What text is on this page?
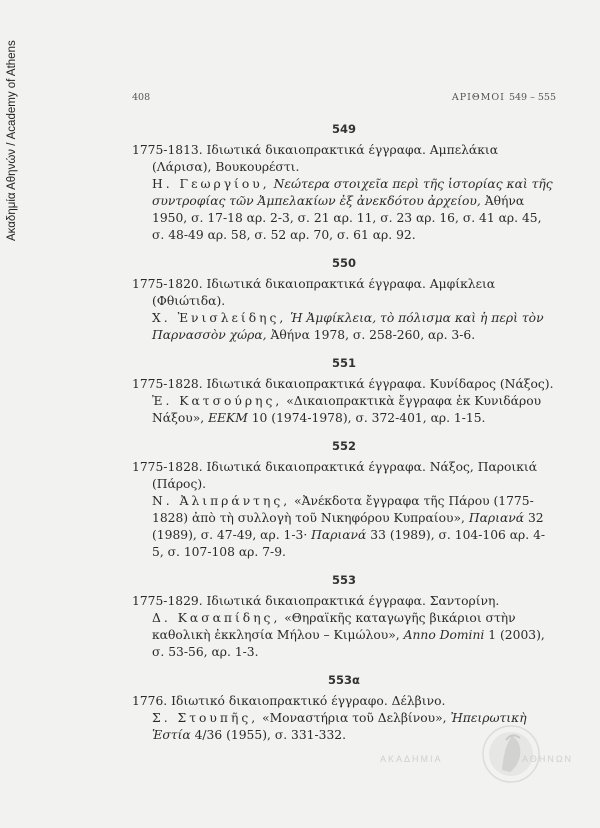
Ακαδημία Αθηνών / Academy of Athens	408	ΑΡΙΘΜΟΙ 549 – 555
549

1775-1813. Ιδιωτικά δικαιοπρακτικά έγγραφα. Αμπελάκια (Λάρισα), Βουκουρέστι.

Η. Γεωργίου, Νεώτερα στοιχεῖα περὶ τῆς ἱστορίας καὶ τῆς συντροφίας τῶν Ἀμπελακίων ἐξ ἀνεκδότου ἀρχείου, Ἀθήνα 1950, σ. 17-18 αρ. 2-3, σ. 21 αρ. 11, σ. 23 αρ. 16, σ. 41 αρ. 45, σ. 48-49 αρ. 58, σ. 52 αρ. 70, σ. 61 αρ. 92.

550

1775-1820. Ιδιωτικά δικαιοπρακτικά έγγραφα. Αμφίκλεια (Φθιώτιδα).

Χ. Ἐνισλείδης, Ἡ Ἀμφίκλεια, τὸ πόλισμα καὶ ἡ περὶ τὸν Παρνασσὸν χώρα, Ἀθήνα 1978, σ. 258-260, αρ. 3-6.

551

1775-1828. Ιδιωτικά δικαιοπρακτικά έγγραφα. Κυνίδαρος (Νάξος).

Ἐ. Κατσούρης, «Δικαιοπρακτικὰ ἔγγραφα ἐκ Κυνιδάρου Νάξου», ΕΕΚΜ 10 (1974-1978), σ. 372-401, αρ. 1-15.

552

1775-1828. Ιδιωτικά δικαιοπρακτικά έγγραφα. Νάξος, Παροικιά (Πάρος).

Ν. Ἀλιπράντης, «Ἀνέκδοτα ἔγγραφα τῆς Πάρου (1775-1828) ἀπὸ τὴ συλλογὴ τοῦ Νικηφόρου Κυπραίου», Παριανά 32 (1989), σ. 47-49, αρ. 1-3· Παριανά 33 (1989), σ. 104-106 αρ. 4-5, σ. 107-108 αρ. 7-9.

553

1775-1829. Ιδιωτικά δικαιοπρακτικά έγγραφα. Σαντορίνη.

Δ. Κασαπίδης, «Θηραϊκῆς καταγωγῆς βικάριοι στὴν καθολικὴ ἐκκλησία Μήλου – Κιμώλου», Anno Domini 1 (2003), σ. 53-56, αρ. 1-3.

553α

1776. Ιδιωτικό δικαιοπρακτικό έγγραφο. Δέλβινο.

Σ. Στουπῆς, «Μοναστήρια τοῦ Δελβίνου», Ἠπειρωτικὴ Ἑστία 4/36 (1955), σ. 331-332.

ΑΚΑΔΗΜΙΑ	ΑΘΗΝΩΝ
